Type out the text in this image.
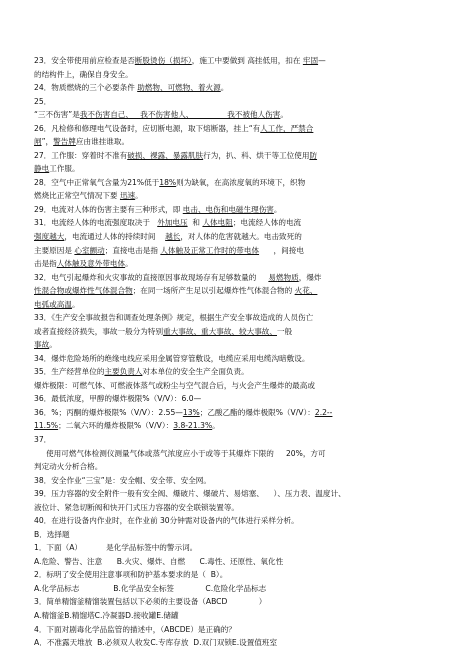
23．安全带使用前应检查是否断股烫伤（损坏），施工中要做到 高挂低用，扣在 牢固—
的结构件上，确保自身安全。
24．物质燃烧的三个必要条件 助燃物、可燃物、着火源。
25．
“三不伤害”是我不伤害自己、   我不伤害他人、              我不被他人伤害。
26．凡检修和修理电气设备时，应切断电源，取下熔断器，挂上“有人工作，严禁合
闸”，警告牌应由谁挂谁取。
27．工作服：穿着时不准有破损、裸露、暴露肌肤行为，扒、科、烘干等工位使用防
静电工作服。
28．空气中正常氧气含量为21%低于18%则为缺氧，在高浓度氧的环境下，织物
燃烧比正常空气情况下要 迅速。
29．电流对人体的伤害主要有三种形式，即 电击、电伤和电磁生理伤害。
31．电流经人体的电流强度取决于   外加电压  和 人体电阻；电流经人体的电流
强度越大，电流通过人体的持续时间    越长，对人体的危害就越大。电击致死的
主要原因是 心室颤动；直接电击是指 人体触及正常工作时的带电体      ，间接电
击是指人体触及意外带电体。
32．电气引起爆炸和火灾事故的直接原因事故现场存有足够数量的     易燃物质，爆炸
性混合物或爆炸性气体混合物；在同一场所产生足以引起爆炸性气体混合物的 火花、
电弧或高温。
33．《生产安全事故报告和调查处理条例》规定，根据生产安全事故造成的人员伤亡
或者直接经济损失，事故一般分为特别重大事故、重大事故、较大事故、一般
事故。
34．爆炸危险场所的绝缘电线应采用金属管穿管敷设，电缆应采用电缆沟暗敷设。
35．生产经营单位的主要负责人对本单位的安全生产全面负责。
爆炸极限：可燃气体、可燃液体蒸气或粉尘与空气混合后，与火会产生爆炸的最高或
36．最低浓度，甲醇的爆炸极限%（V/V）：6.0—
36．%；丙酮的爆炸极限%（V/V）：2.55—13%；乙酸乙酯的爆炸极限%（V/V）：2.2--
11.5%；二氧六环的爆炸极限%（V/V）：3.8-21.3%。
37．
使用可燃气体检测仪测量气体或蒸气浓度应小于或等于其爆炸下限的     20%，方可
判定动火分析合格。
38．安全作业“三宝”是：安全帽、安全带、安全网。
39．压力容器的安全附件一般有安全阀、爆破片、爆破片、易熔塞、    ）、压力表、温度计、
液位计、紧急切断阀和快开门式压力容器的安全联锁装置等。
40．在进行设备内作业时，在作业前 30分钟需对设备内的气体进行采样分析。
B．选择题
1．下面（A）          是化学品标签中的警示词。
A.危险、警告、注意      B.火灾、爆炸、自燃      C.毒性、还原性、氧化性
2．标明了安全使用注意事项和防护基本要求的是（  B）。
A.化学品标志              B.化学品安全标签             C.危险化学品标志
3．简单精馏釜精馏装置包括以下必须的主要设备（ABCD             ）
A.精馏釜B.精馏塔C.冷凝器D.接收罐E.储罐
4．下面对剧毒化学品监管的描述中，（ABCDE）是正确的？
A．不准露天堆放  B.必须双人收发C.专库存放  D.双门双锁E.设置值班室
